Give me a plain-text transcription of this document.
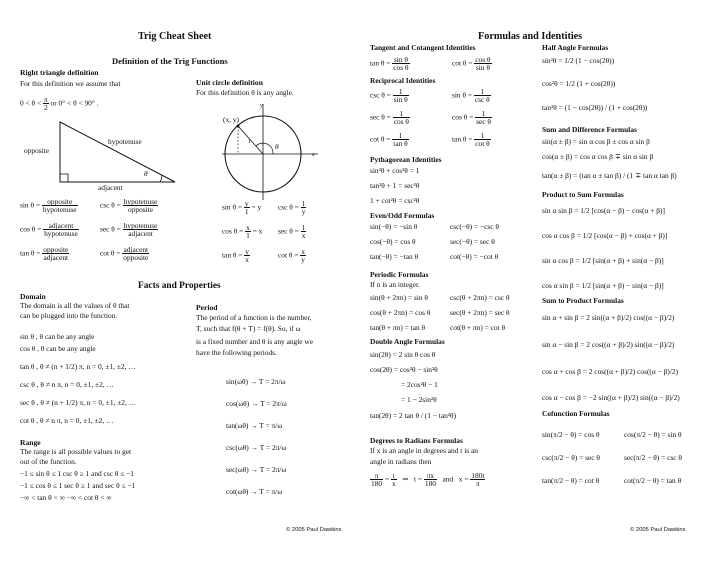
Trig Cheat Sheet
Definition of the Trig Functions
Right triangle definition
For this definition we assume that
$0 < \theta < \frac{\pi}{2}$ or 0° < θ < 90° .
hypotenuse
opposite
adjacent
θ
$\sin \theta = \frac{\text{opposite}}{\text{hypotenuse}}$	$\csc \theta = \frac{\text{hypotenuse}}{\text{opposite}}$
$\cos \theta = \frac{\text{adjacent}}{\text{hypotenuse}}$	$\sec \theta = \frac{\text{hypotenuse}}{\text{adjacent}}$
$\tan \theta = \frac{\text{opposite}}{\text{adjacent}}$	$\cot \theta = \frac{\text{adjacent}}{\text{opposite}}$
Unit circle definition
For this definition θ is any angle.
(x, y)
y
x
1	θ
$\sin \theta = \frac{y}{1} = y$ $\csc \theta = \frac{1}{y}$
$\cos \theta = \frac{x}{1} = x$ $\sec \theta = \frac{1}{x}$
$\tan \theta = \frac{y}{x}$	$\cot \theta = \frac{x}{y}$
Facts and Properties
Domain
The domain is all the values of θ that
can be plugged into the function.
sin θ , θ can be any angle
cos θ , θ can be any angle
tan θ , θ ≠ (n + 1/2) π, n = 0, ±1, ±2, …
csc θ , θ ≠ n π, n = 0, ±1, ±2, …
sec θ , θ ≠ (n + 1/2) π, n = 0, ±1, ±2, …
cot θ , θ ≠ n π, n = 0, ±1, ±2, …
Range
The range is all possible values to get
out of the function.
−1 ≤ sin θ ≤ 1 csc θ ≥ 1 and csc θ ≤ −1
−1 ≤ cos θ ≤ 1 sec θ ≥ 1 and sec θ ≤ −1
−∞ < tan θ < ∞ −∞ < cot θ < ∞
Period
The period of a function is the number,
T, such that f(θ + T) = f(θ). So, if ω
is a fixed number and θ is any angle we
have the following periods.
sin(ωθ) → T = 2π/ω
cos(ωθ) → T = 2π/ω
tan(ωθ) → T = π/ω
csc(ωθ) → T = 2π/ω
sec(ωθ) → T = 2π/ω
cot(ωθ) → T = π/ω
© 2005 Paul Dawkins
Formulas and Identities
Tangent and Cotangent Identities
$\tan \theta = \frac{\text{sin θ}}{\text{cos θ}}$	$\cot \theta = \frac{\text{cos θ}}{\text{sin θ}}$
Reciprocal Identities
$\csc \theta = \frac{1}{\text{sin θ}}$	$\sin \theta = \frac{1}{\text{csc θ}}$
$\sec \theta = \frac{1}{\text{cos θ}}$	$\cos \theta = \frac{1}{\text{sec θ}}$
$\cot \theta = \frac{1}{\text{tan θ}}$	$\tan \theta = \frac{1}{\text{cot θ}}$
Pythagorean Identities
sin²θ + cos²θ = 1
tan²θ + 1 = sec²θ
1 + cot²θ = csc²θ
Even/Odd Formulas
sin(−θ) = −sin θ	csc(−θ) = −csc θ
cos(−θ) = cos θ	sec(−θ) = sec θ
tan(−θ) = −tan θ	cot(−θ) = −cot θ
Periodic Formulas
If n is an integer.
sin(θ + 2πn) = sin θ	csc(θ + 2πn) = csc θ
cos(θ + 2πn) = cos θ	sec(θ + 2πn) = sec θ
tan(θ + πn) = tan θ	cot(θ + πn) = cot θ
Double Angle Formulas
sin(2θ) = 2 sin θ cos θ
cos(2θ) = cos²θ − sin²θ
= 2cos²θ − 1
= 1 − 2sin²θ
tan(2θ) = 2 tan θ / (1 − tan²θ)
Degrees to Radians Formulas
If x is an angle in degrees and t is an
angle in radians then
$\frac{\pi}{180} = \frac{t}{x}$ ⇒   $t = \frac{\pi x}{180}$ and   $x = \frac{180t}{\pi}$
Half Angle Formulas
sin²θ = 1/2 (1 − cos(2θ))
cos²θ = 1/2 (1 + cos(2θ))
tan²θ = (1 − cos(2θ)) / (1 + cos(2θ))
Sum and Difference Formulas
sin(α ± β) = sin α cos β ± cos α sin β
cos(α ± β) = cos α cos β ∓ sin α sin β
tan(α ± β) = (tan α ± tan β) / (1 ∓ tan α tan β)
Product to Sum Formulas
sin α sin β = 1/2 [cos(α − β) − cos(α + β)]
cos α cos β = 1/2 [cos(α − β) + cos(α + β)]
sin α cos β = 1/2 [sin(α + β) + sin(α − β)]
cos α sin β = 1/2 [sin(α + β) − sin(α − β)]
Sum to Product Formulas
sin α + sin β = 2 sin((α + β)/2) cos((α − β)/2)
sin α − sin β = 2 cos((α + β)/2) sin((α − β)/2)
cos α + cos β = 2 cos((α + β)/2) cos((α − β)/2)
cos α − cos β = −2 sin((α + β)/2) sin((α − β)/2)
Cofunction Formulas
sin(π/2 − θ) = cos θ	cos(π/2 − θ) = sin θ
csc(π/2 − θ) = sec θ	sec(π/2 − θ) = csc θ
tan(π/2 − θ) = cot θ	cot(π/2 − θ) = tan θ
© 2005 Paul Dawkins
